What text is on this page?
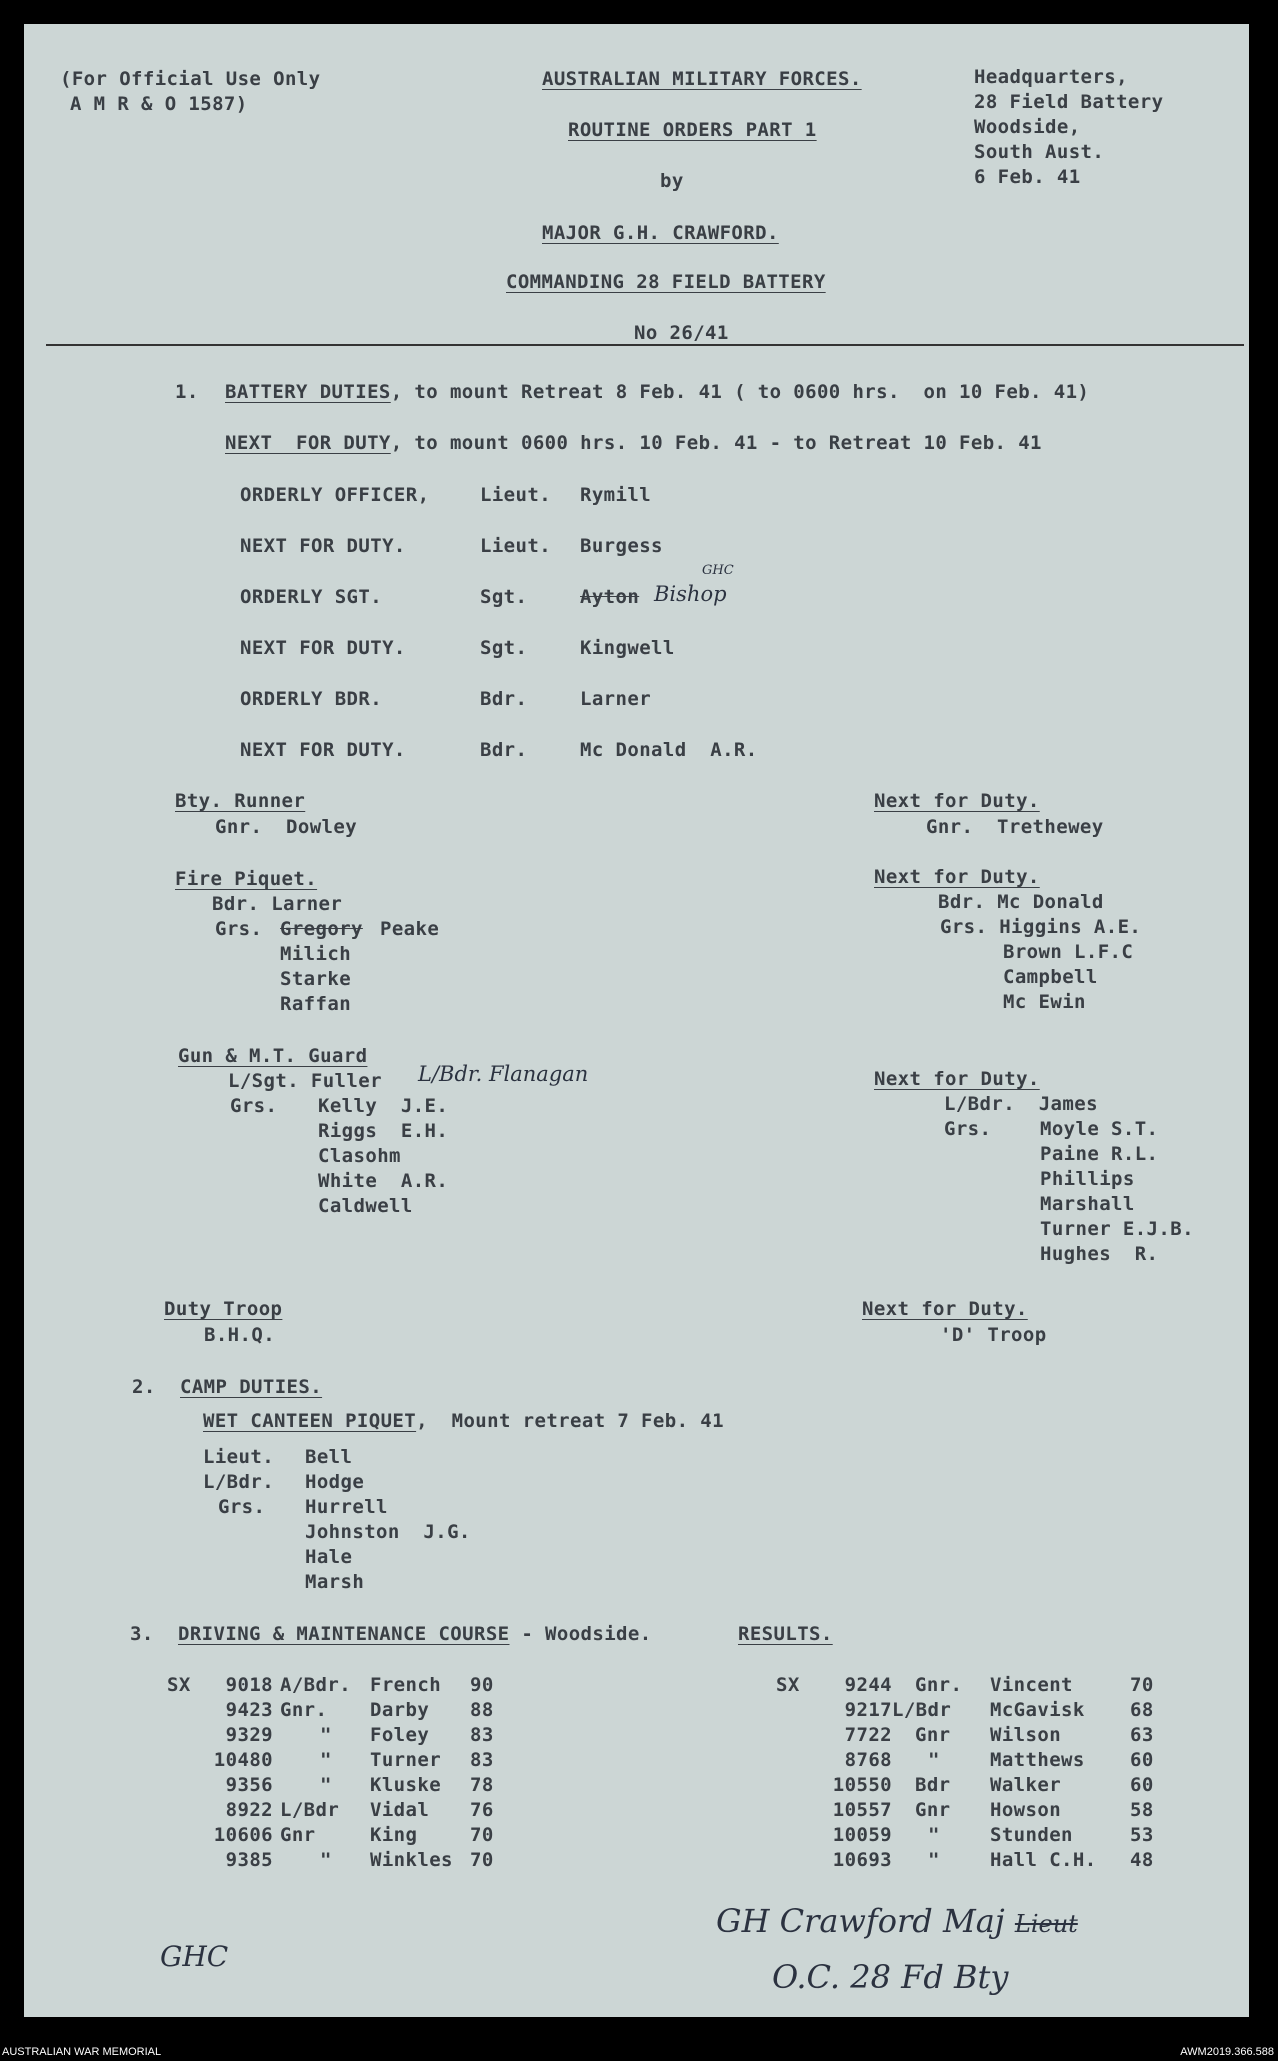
(For Official Use Only
A M R & O 1587)
AUSTRALIAN MILITARY FORCES.
ROUTINE ORDERS PART 1
by
MAJOR G.H. CRAWFORD.
COMMANDING 28 FIELD BATTERY
No 26/41
Headquarters,
28 Field Battery
Woodside,
South Aust.
6 Feb. 41
1. BATTERY DUTIES, to mount Retreat 8 Feb. 41 ( to 0600 hrs.  on 10 Feb. 41)
NEXT  FOR DUTY, to mount 0600 hrs. 10 Feb. 41 - to Retreat 10 Feb. 41
ORDERLY OFFICER,	Lieut. Rymill
NEXT FOR DUTY.	Lieut. Burgess
ORDERLY SGT.	Sgt.	Ayton Bishop
GHC
NEXT FOR DUTY.	Sgt.	Kingwell
ORDERLY BDR.	Bdr.	Larner
NEXT FOR DUTY.	Bdr.	Mc Donald  A.R.
Bty. Runner
Gnr.  Dowley
Next for Duty.
Gnr.  Trethewey
Fire Piquet.
Bdr. Larner
Grs. Gregory Peake
Milich
Starke
Raffan
Next for Duty.
Bdr. Mc Donald
Grs. Higgins A.E.
Brown L.F.C
Campbell
Mc Ewin
Gun & M.T. Guard
L/Sgt. Fuller L/Bdr. Flanagan
Grs. Kelly  J.E.
Riggs  E.H.
Clasohm
White  A.R.
Caldwell
Next for Duty.
L/Bdr.  James
Grs.	Moyle S.T.
Paine R.L.
Phillips
Marshall
Turner E.J.B.
Hughes  R.
Duty Troop
B.H.Q.
Next for Duty.
'D' Troop
2. CAMP DUTIES.
WET CANTEEN PIQUET,  Mount retreat 7 Feb. 41
Lieut. Bell
L/Bdr. Hodge
Grs. Hurrell
Johnston  J.G.
Hale
Marsh
3. DRIVING & MAINTENANCE COURSE - Woodside.	RESULTS.
SX	9018 A/Bdr. French 90
9423 Gnr. Darby 88
9329 " Foley 83
10480 " Turner 83
9356 " Kluske 78
8922 L/Bdr Vidal 76
10606 Gnr	King	70
9385 " Winkles 70
SX	9244 Gnr. Vincent	70
9217 L/Bdr McGavisk 68
7722 Gnr Wilson	63
8768 "	Matthews 60
10550 Bdr Walker	60
10557 Gnr Howson	58
10059 "	Stunden	53
10693 "	Hall C.H. 48
GHC
GH Crawford Maj Lieut
O.C. 28 Fd Bty
AUSTRALIAN WAR MEMORIAL	AWM2019.366.588
